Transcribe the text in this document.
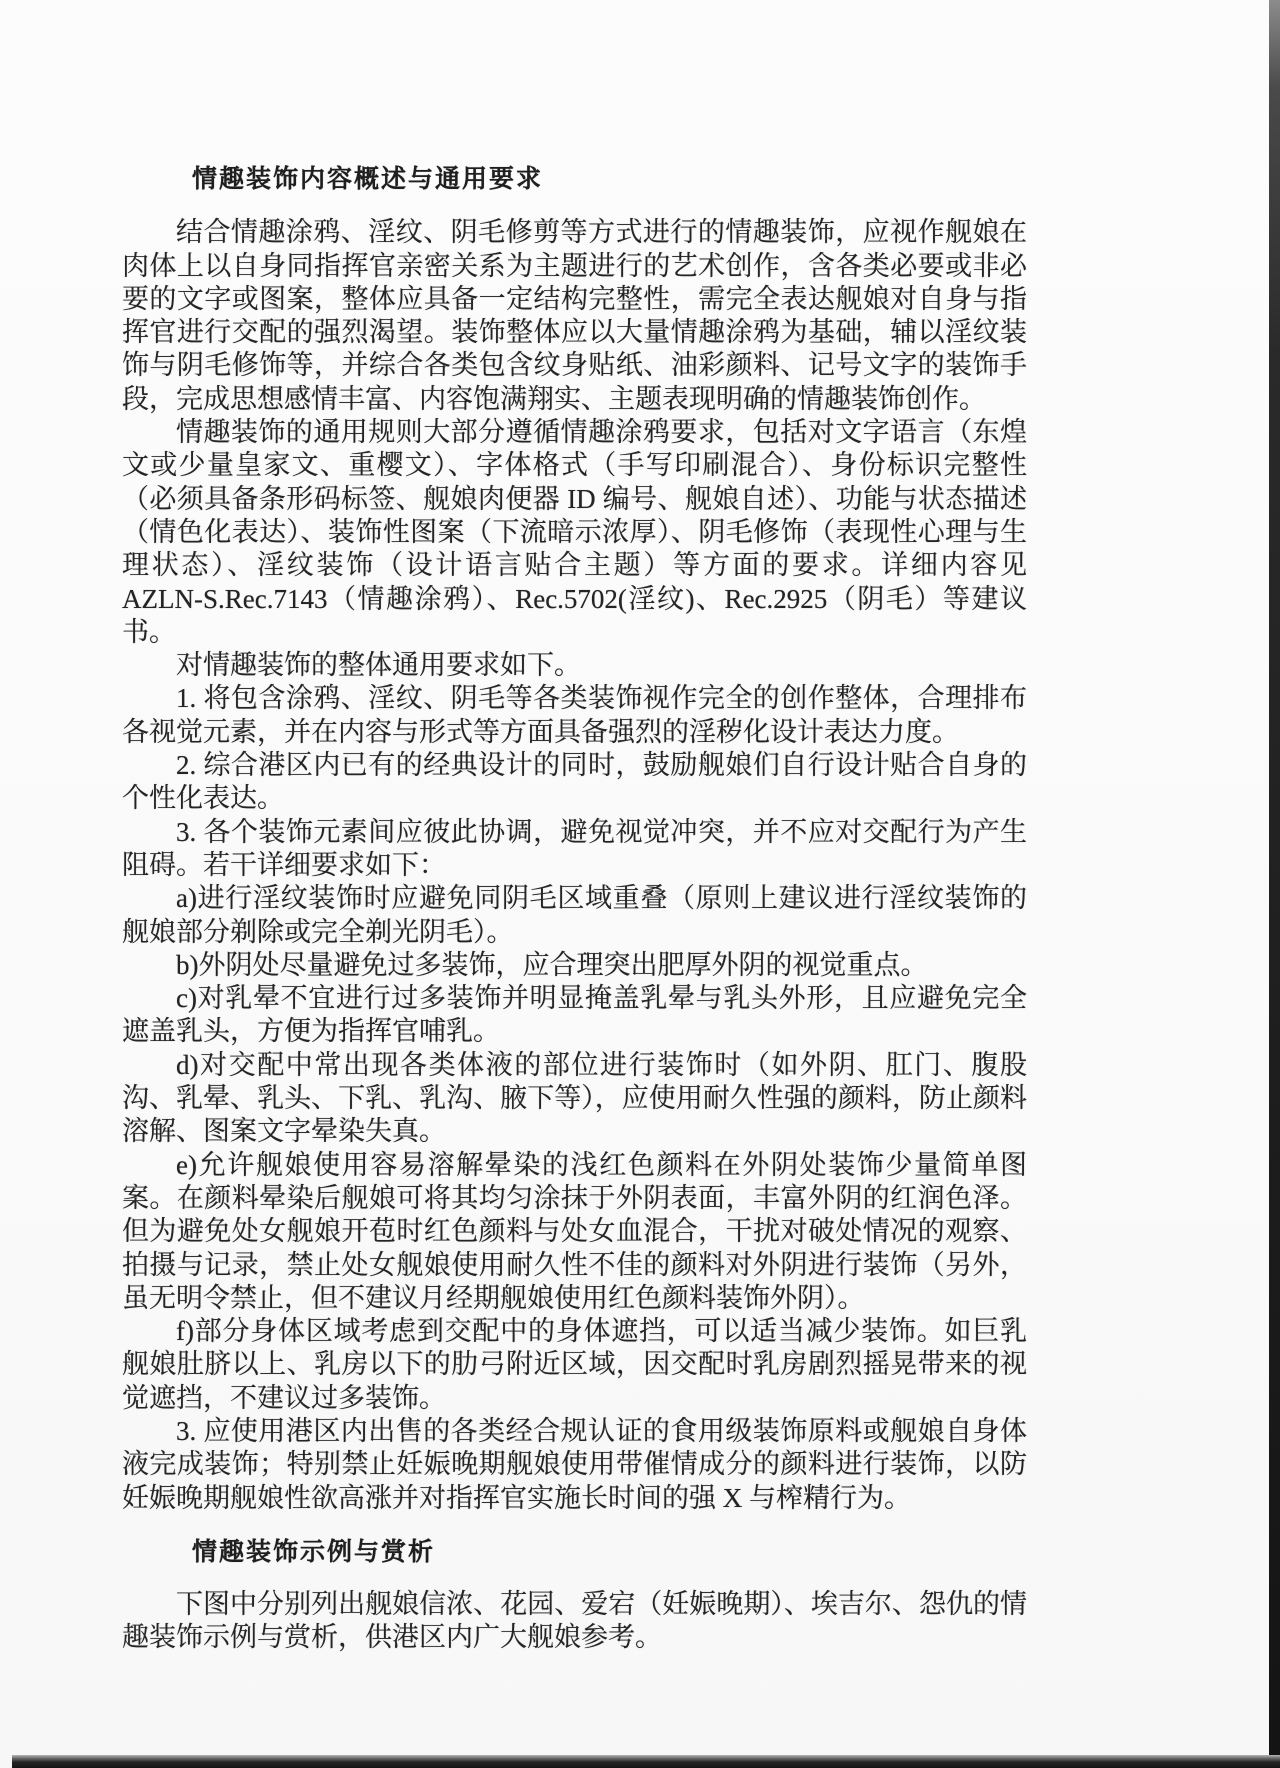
情趣装饰内容概述与通用要求

结合情趣涂鸦、淫纹、阴毛修剪等方式进行的情趣装饰，应视作舰娘在肉体上以自身同指挥官亲密关系为主题进行的艺术创作，含各类必要或非必要的文字或图案，整体应具备一定结构完整性，需完全表达舰娘对自身与指挥官进行交配的强烈渴望。装饰整体应以大量情趣涂鸦为基础，辅以淫纹装饰与阴毛修饰等，并综合各类包含纹身贴纸、油彩颜料、记号文字的装饰手段，完成思想感情丰富、内容饱满翔实、主题表现明确的情趣装饰创作。

情趣装饰的通用规则大部分遵循情趣涂鸦要求，包括对文字语言（东煌文或少量皇家文、重樱文）、字体格式（手写印刷混合）、身份标识完整性（必须具备条形码标签、舰娘肉便器 ID 编号、舰娘自述）、功能与状态描述（情色化表达）、装饰性图案（下流暗示浓厚）、阴毛修饰（表现性心理与生理状态）、淫纹装饰（设计语言贴合主题）等方面的要求。详细内容见 AZLN-S.Rec.7143（情趣涂鸦）、Rec.5702(淫纹)、Rec.2925（阴毛）等建议书。

对情趣装饰的整体通用要求如下。

1. 将包含涂鸦、淫纹、阴毛等各类装饰视作完全的创作整体，合理排布各视觉元素，并在内容与形式等方面具备强烈的淫秽化设计表达力度。

2. 综合港区内已有的经典设计的同时，鼓励舰娘们自行设计贴合自身的个性化表达。

3. 各个装饰元素间应彼此协调，避免视觉冲突，并不应对交配行为产生阻碍。若干详细要求如下：

a)进行淫纹装饰时应避免同阴毛区域重叠（原则上建议进行淫纹装饰的舰娘部分剃除或完全剃光阴毛）。

b)外阴处尽量避免过多装饰，应合理突出肥厚外阴的视觉重点。

c)对乳晕不宜进行过多装饰并明显掩盖乳晕与乳头外形，且应避免完全遮盖乳头，方便为指挥官哺乳。

d)对交配中常出现各类体液的部位进行装饰时（如外阴、肛门、腹股沟、乳晕、乳头、下乳、乳沟、腋下等），应使用耐久性强的颜料，防止颜料溶解、图案文字晕染失真。

e)允许舰娘使用容易溶解晕染的浅红色颜料在外阴处装饰少量简单图案。在颜料晕染后舰娘可将其均匀涂抹于外阴表面，丰富外阴的红润色泽。但为避免处女舰娘开苞时红色颜料与处女血混合，干扰对破处情况的观察、拍摄与记录，禁止处女舰娘使用耐久性不佳的颜料对外阴进行装饰（另外，虽无明令禁止，但不建议月经期舰娘使用红色颜料装饰外阴）。

f)部分身体区域考虑到交配中的身体遮挡，可以适当减少装饰。如巨乳舰娘肚脐以上、乳房以下的肋弓附近区域，因交配时乳房剧烈摇晃带来的视觉遮挡，不建议过多装饰。

3. 应使用港区内出售的各类经合规认证的食用级装饰原料或舰娘自身体液完成装饰；特别禁止妊娠晚期舰娘使用带催情成分的颜料进行装饰，以防妊娠晚期舰娘性欲高涨并对指挥官实施长时间的强 X 与榨精行为。

情趣装饰示例与赏析

下图中分别列出舰娘信浓、花园、爱宕（妊娠晚期）、埃吉尔、怨仇的情趣装饰示例与赏析，供港区内广大舰娘参考。
